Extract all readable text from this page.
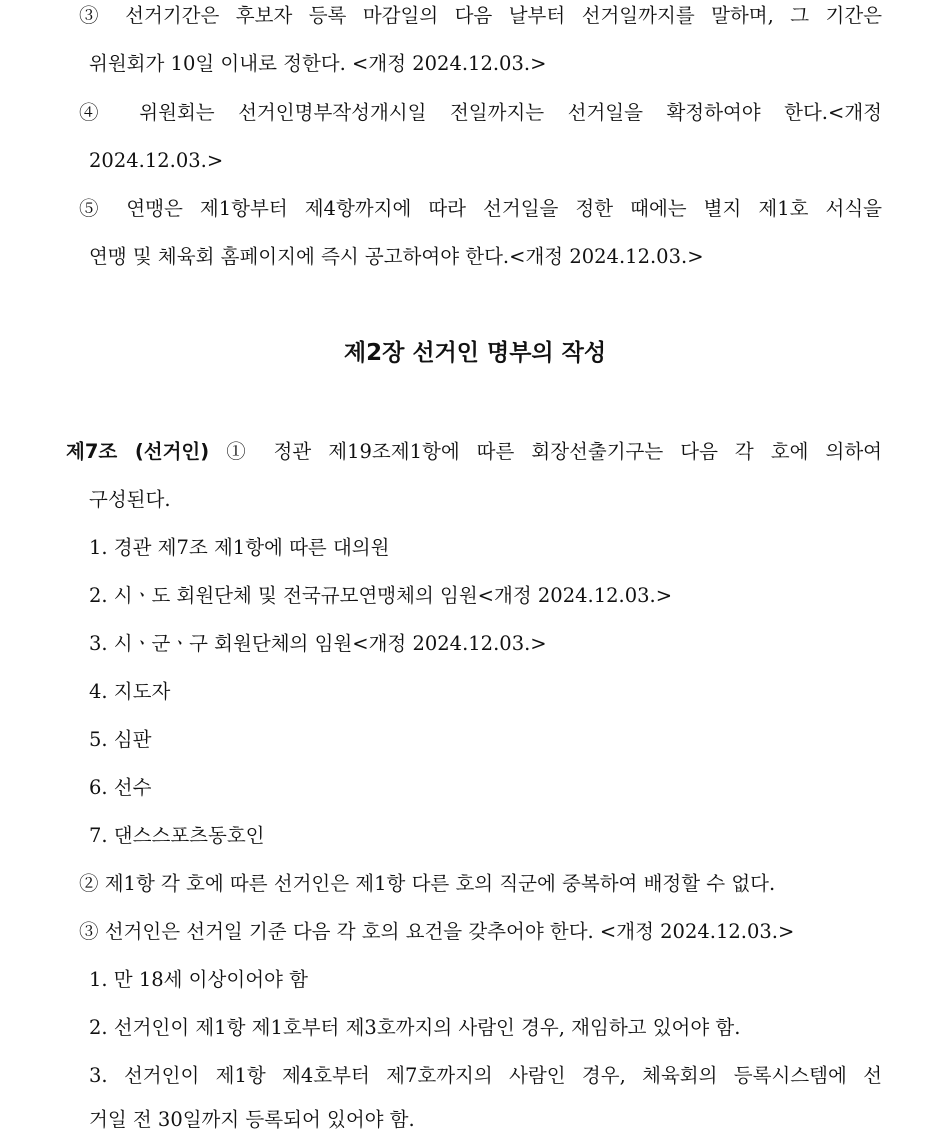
③ 선거기간은 후보자 등록 마감일의 다음 날부터 선거일까지를 말하며, 그 기간은
위원회가 10일 이내로 정한다. <개정 2024.12.03.>
④ 위원회는 선거인명부작성개시일 전일까지는 선거일을 확정하여야 한다.<개정
2024.12.03.>
⑤ 연맹은 제1항부터 제4항까지에 따라 선거일을 정한 때에는 별지 제1호 서식을
연맹 및 체육회 홈페이지에 즉시 공고하여야 한다.<개정 2024.12.03.>
제2장 선거인 명부의 작성
제7조 (선거인) ① 정관 제19조제1항에 따른 회장선출기구는 다음 각 호에 의하여
구성된다.
1. 경관 제7조 제1항에 따른 대의원
2. 시ㆍ도 회원단체 및 전국규모연맹체의 임원<개정 2024.12.03.>
3. 시ㆍ군ㆍ구 회원단체의 임원<개정 2024.12.03.>
4. 지도자
5. 심판
6. 선수
7. 댄스스포츠동호인
② 제1항 각 호에 따른 선거인은 제1항 다른 호의 직군에 중복하여 배정할 수 없다.
③ 선거인은 선거일 기준 다음 각 호의 요건을 갖추어야 한다. <개정 2024.12.03.>
1. 만 18세 이상이어야 함
2. 선거인이 제1항 제1호부터 제3호까지의 사람인 경우, 재임하고 있어야 함.
3. 선거인이 제1항 제4호부터 제7호까지의 사람인 경우, 체육회의 등록시스템에 선
거일 전 30일까지 등록되어 있어야 함.
